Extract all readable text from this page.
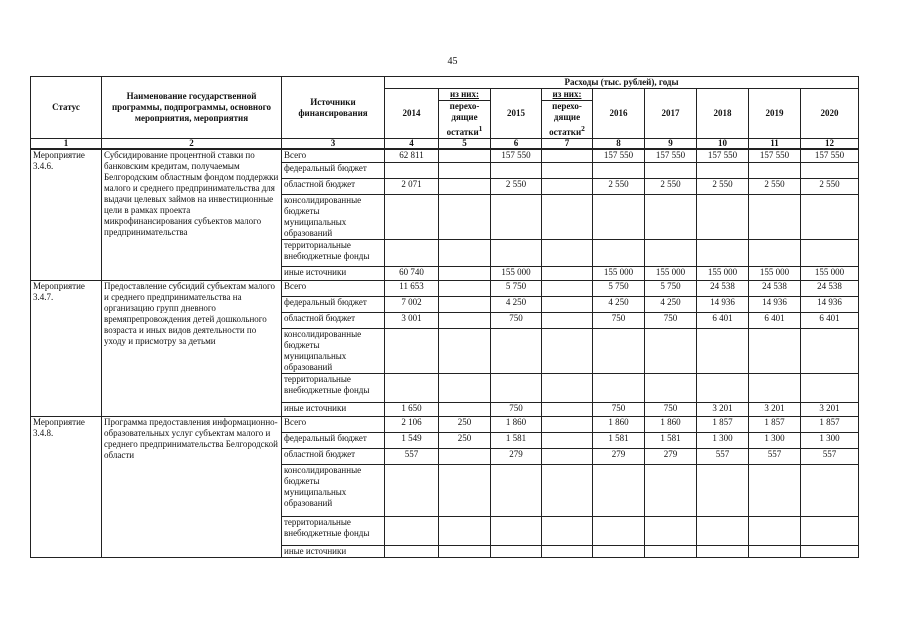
45
Статус	Наименование государственной программы, подпрограммы, основного мероприятия, мероприятия	Источники финансирования	Расходы (тыс. рублей), годы								
			2014	из них:	2015	из них:	2016	2017	2018	2019	2020
				перехо-дящие остатки$^1$		перехо-дящие остатки$^2$
1	2	3	4	5	6	7	8	9	10	11	12
Мероприятие 3.4.6.	Субсидирование процентной ставки по банковским кредитам, получаемым Белгородским областным фондом поддержки малого и среднего предпринимательства для выдачи целевых займов на инвестиционные цели в рамках проекта микрофинансирования субъектов малого предпринимательства	Всего	62 811		157 550		157 550	157 550	157 550	157 550	157 550
		федеральный бюджет									
		областной бюджет	2 071		2 550		2 550	2 550	2 550	2 550	2 550
		консолидированные бюджеты муниципальных образований									
		территориальные внебюджетные фонды									
		иные источники	60 740		155 000		155 000	155 000	155 000	155 000	155 000
Мероприятие 3.4.7.	Предоставление субсидий субъектам малого и среднего предпринимательства на организацию групп дневного времяпрепровождения детей дошкольного возраста и иных видов деятельности по уходу и присмотру за детьми	Всего	11 653		5 750		5 750	5 750	24 538	24 538	24 538
		федеральный бюджет	7 002		4 250		4 250	4 250	14 936	14 936	14 936
		областной бюджет	3 001		750		750	750	6 401	6 401	6 401
		консолидированные бюджеты муниципальных образований									
		территориальные внебюджетные фонды									
		иные источники	1 650		750		750	750	3 201	3 201	3 201
Мероприятие 3.4.8.	Программа предоставления информационно-образовательных услуг субъектам малого и среднего предпринимательства Белгородской области	Всего	2 106	250	1 860		1 860	1 860	1 857	1 857	1 857
		федеральный бюджет	1 549	250	1 581		1 581	1 581	1 300	1 300	1 300
		областной бюджет	557		279		279	279	557	557	557
		консолидированные бюджеты муниципальных образований									
		территориальные внебюджетные фонды									
		иные источники									
